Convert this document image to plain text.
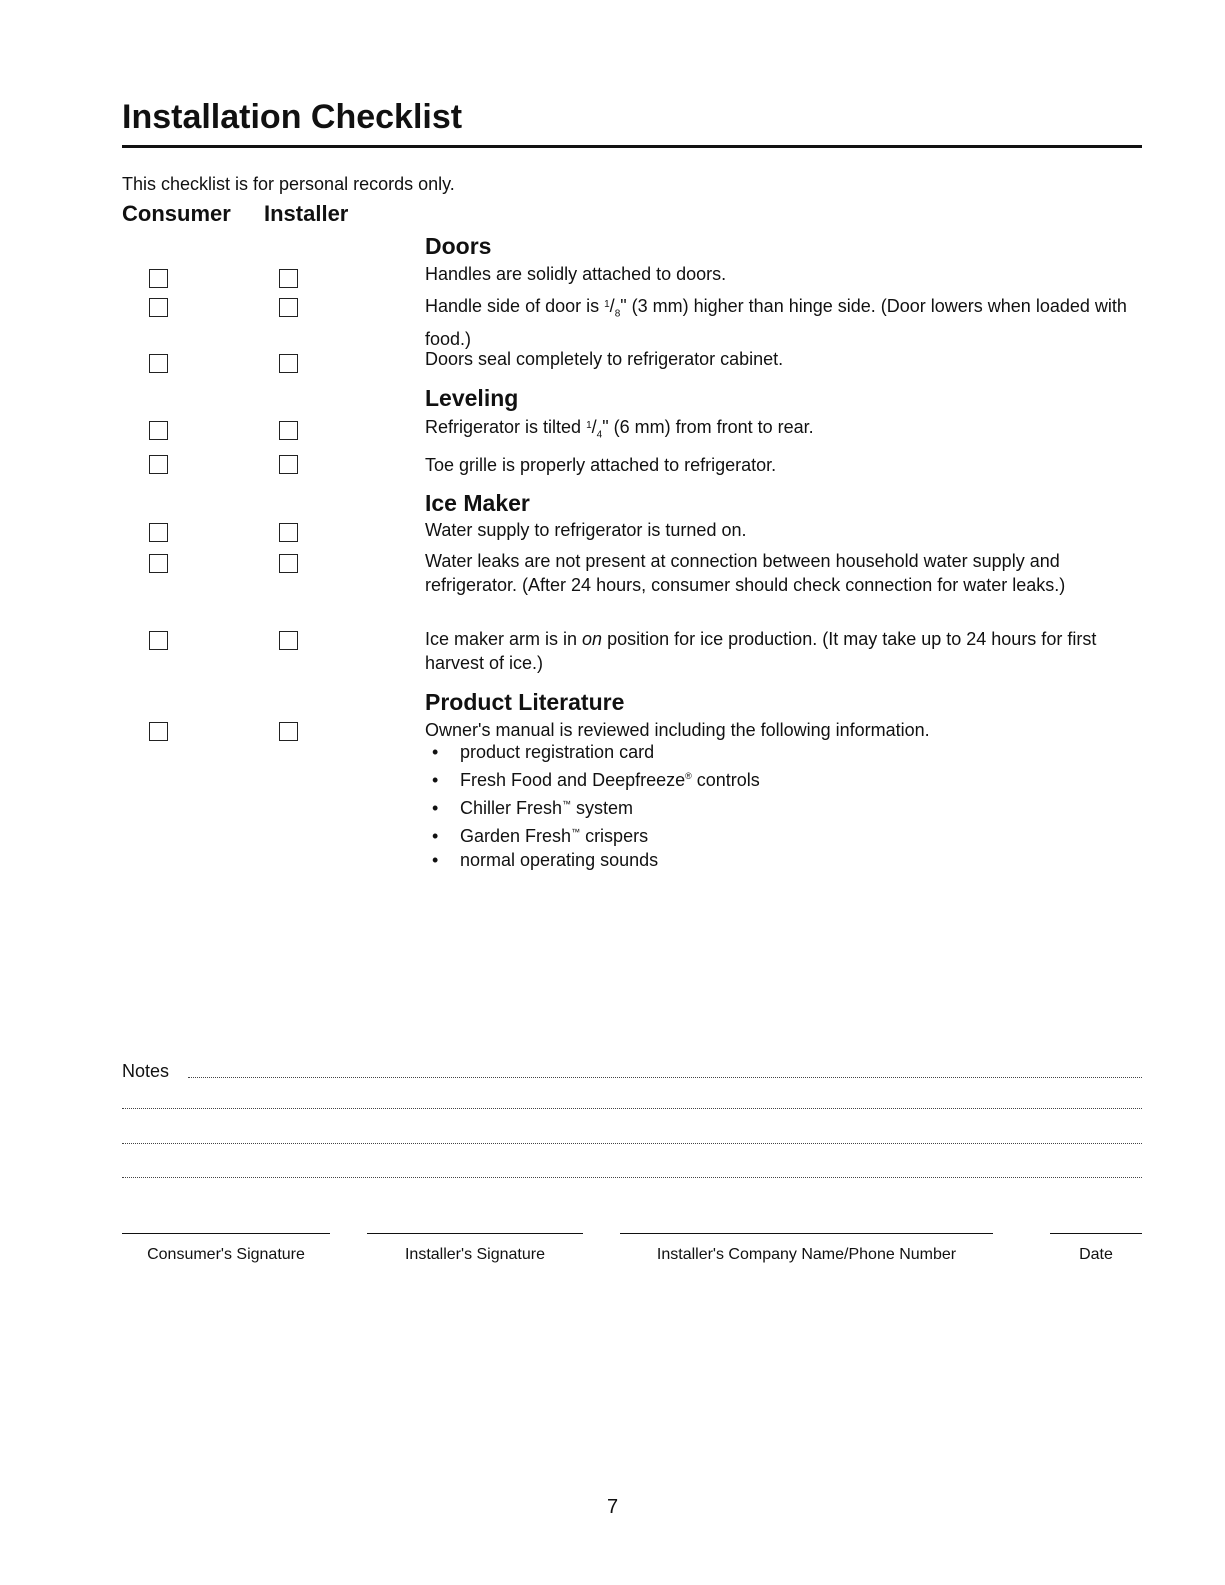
Installation Checklist
This checklist is for personal records only.
Consumer Installer
Doors
Handles are solidly attached to doors.
Handle side of door is $^1/_8$" (3 mm) higher than hinge side. (Door lowers when loaded with food.)
Doors seal completely to refrigerator cabinet.
Leveling
Refrigerator is tilted $^1/_4$" (6 mm) from front to rear.
Toe grille is properly attached to refrigerator.
Ice Maker
Water supply to refrigerator is turned on.
Water leaks are not present at connection between household water supply and refrigerator. (After 24 hours, consumer should check connection for water leaks.)
Ice maker arm is in on position for ice production. (It may take up to 24 hours for first harvest of ice.)
Product Literature
Owner's manual is reviewed including the following information.
• product registration card
• Fresh Food and Deepfreeze® controls
• Chiller Fresh™ system
• Garden Fresh™ crispers
• normal operating sounds
Notes
Consumer's Signature	Installer's Signature	Installer's Company Name/Phone Number	Date
7
